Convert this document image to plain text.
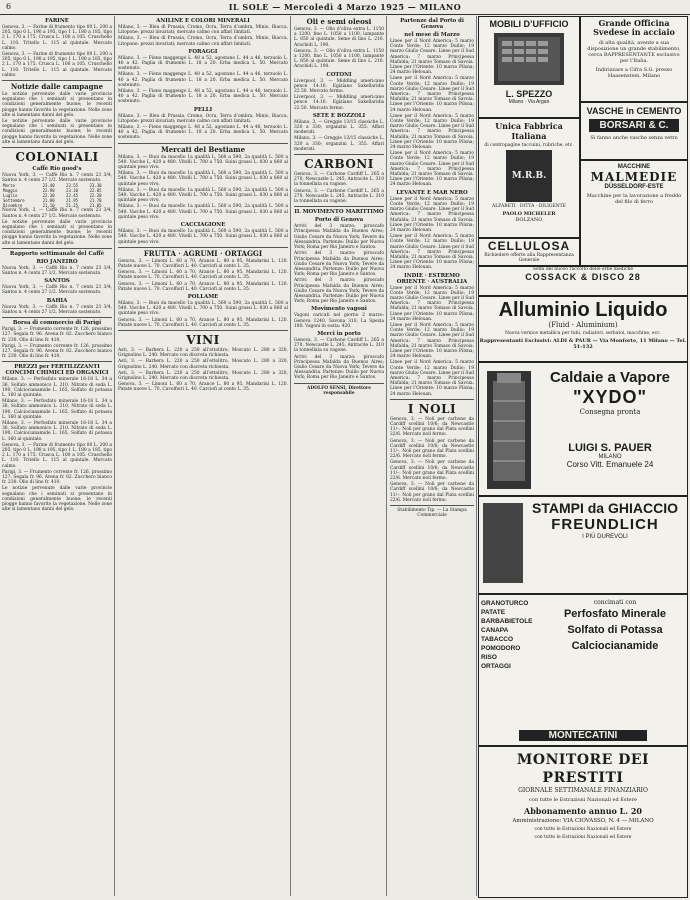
6	IL SOLE — Mercoledì 4 Marzo 1925 — MILANO
FARINE

Genova, 3. — Farine di frumento tipo 00 L. 200 a 205, tipo 0 L. 190 a 195, tipo 1 L. 180 a 185, tipo 2 L. 170 a 175. Crusca L. 100 a 105. Cruschello L. 110. Tritello L. 115 al quintale. Mercato calmo.

Genova, 3. — Farine di frumento tipo 00 L. 200 a 205, tipo 0 L. 190 a 195, tipo 1 L. 180 a 185, tipo 2 L. 170 a 175. Crusca L. 100 a 105. Cruschello L. 110. Tritello L. 115 al quintale. Mercato calmo.

Notizie dalle campagne

Le notizie pervenute dalle varie provincie segnalano che i seminati si presentano in condizioni generalmente buone; le recenti piogge hanno favorito la vegetazione. Nelle zone alte si lamentano danni del gelo.

Le notizie pervenute dalle varie provincie segnalano che i seminati si presentano in condizioni generalmente buone; le recenti piogge hanno favorito la vegetazione. Nelle zone alte si lamentano danni del gelo.

COLONIALI
Caffè Rio good’s

Nuova York, 3. — Caffè Rio n. 7 cents 23 3/4, Santos n. 4 cents 27 1/2. Mercato sostenuto.

Marzo	23.40	23.55	23.30
Maggio	22.90	23.10	22.85
Luglio	22.30	22.45	22.20
Settembre	21.80	21.95	21.70
Dicembre	21.10	21.25	21.05

Nuova York, 3. — Caffè Rio n. 7 cents 23 3/4, Santos n. 4 cents 27 1/2. Mercato sostenuto.

Le notizie pervenute dalle varie provincie segnalano che i seminati si presentano in condizioni generalmente buone; le recenti piogge hanno favorito la vegetazione. Nelle zone alte si lamentano danni del gelo.

Rapporto settimanale del Caffè
RIO JANEIRO

Nuova York, 3. — Caffè Rio n. 7 cents 23 3/4, Santos n. 4 cents 27 1/2. Mercato sostenuto.

SANTOS

Nuova York, 3. — Caffè Rio n. 7 cents 23 3/4, Santos n. 4 cents 27 1/2. Mercato sostenuto.

BAHIA

Nuova York, 3. — Caffè Rio n. 7 cents 23 3/4, Santos n. 4 cents 27 1/2. Mercato sostenuto.

Borsa di commercio di Parigi

Parigi, 3. — Frumento corrente fr. 126, prossimo 127. Segala fr. 96. Avena fr. 82. Zucchero bianco fr. 230. Olio di lino fr. 410.

Parigi, 3. — Frumento corrente fr. 126, prossimo 127. Segala fr. 96. Avena fr. 82. Zucchero bianco fr. 230. Olio di lino fr. 410.

PREZZI per FERTILIZZANTI CONCIMI CHIMICI ED ORGANICI

Milano, 3. — Perfosfato minerale 16-18 L. 34 a 36, Solfato ammonico L. 210, Nitrato di soda L. 190, Calciocianamide L. 165, Solfato di potassa L. 160 al quintale.

Milano, 3. — Perfosfato minerale 16-18 L. 34 a 36, Solfato ammonico L. 210, Nitrato di soda L. 190, Calciocianamide L. 165, Solfato di potassa L. 160 al quintale.

Milano, 3. — Perfosfato minerale 16-18 L. 34 a 36, Solfato ammonico L. 210, Nitrato di soda L. 190, Calciocianamide L. 165, Solfato di potassa L. 160 al quintale.

Genova, 3. — Farine di frumento tipo 00 L. 200 a 205, tipo 0 L. 190 a 195, tipo 1 L. 180 a 185, tipo 2 L. 170 a 175. Crusca L. 100 a 105. Cruschello L. 110. Tritello L. 115 al quintale. Mercato calmo.

Parigi, 3. — Frumento corrente fr. 126, prossimo 127. Segala fr. 96. Avena fr. 82. Zucchero bianco fr. 230. Olio di lino fr. 410.

Le notizie pervenute dalle varie provincie segnalano che i seminati si presentano in condizioni generalmente buone; le recenti piogge hanno favorito la vegetazione. Nelle zone alte si lamentano danni del gelo.

ANILINE E COLORI MINERALI

Milano, 3. — Bleu di Prussia, Cromo, Ocra, Terra d’ombra, Minio, Biacca, Litopone: prezzi invariati; mercato calmo con affari limitati.

Milano, 3. — Bleu di Prussia, Cromo, Ocra, Terra d’ombra, Minio, Biacca, Litopone: prezzi invariati; mercato calmo con affari limitati.

FORAGGI

Milano, 3. — Fieno maggengo L. 48 a 52, agostano L. 44 a 46, terzuolo L. 40 a 42. Paglia di frumento L. 18 a 20. Erba medica L. 50. Mercato sostenuto.

Milano, 3. — Fieno maggengo L. 48 a 52, agostano L. 44 a 46, terzuolo L. 40 a 42. Paglia di frumento L. 18 a 20. Erba medica L. 50. Mercato sostenuto.

Milano, 3. — Fieno maggengo L. 48 a 52, agostano L. 44 a 46, terzuolo L. 40 a 42. Paglia di frumento L. 18 a 20. Erba medica L. 50. Mercato sostenuto.

PELLI

Milano, 3. — Bleu di Prussia, Cromo, Ocra, Terra d’ombra, Minio, Biacca, Litopone: prezzi invariati; mercato calmo con affari limitati.

Milano, 3. — Fieno maggengo L. 48 a 52, agostano L. 44 a 46, terzuolo L. 40 a 42. Paglia di frumento L. 18 a 20. Erba medica L. 50. Mercato sostenuto.

Mercati del Bestiame

Milano, 3. — Buoi da macello 1a qualità L. 560 a 590, 2a qualità L. 500 a 540. Vacche L. 420 a 480. Vitelli L. 700 a 750. Suini grassi L. 830 a 860 al quintale peso vivo.

Milano, 3. — Buoi da macello 1a qualità L. 560 a 590, 2a qualità L. 500 a 540. Vacche L. 420 a 480. Vitelli L. 700 a 750. Suini grassi L. 830 a 860 al quintale peso vivo.

Milano, 3. — Buoi da macello 1a qualità L. 560 a 590, 2a qualità L. 500 a 540. Vacche L. 420 a 480. Vitelli L. 700 a 750. Suini grassi L. 830 a 860 al quintale peso vivo.

Milano, 3. — Buoi da macello 1a qualità L. 560 a 590, 2a qualità L. 500 a 540. Vacche L. 420 a 480. Vitelli L. 700 a 750. Suini grassi L. 830 a 860 al quintale peso vivo.

CACCIAGIONE

Milano, 3. — Buoi da macello 1a qualità L. 560 a 590, 2a qualità L. 500 a 540. Vacche L. 420 a 480. Vitelli L. 700 a 750. Suini grassi L. 830 a 860 al quintale peso vivo.

FRUTTA · AGRUMI · ORTAGGI

Genova, 3. — Limoni L. 60 a 70, Arance L. 80 a 95, Mandarini L. 120. Patate nuove L. 70. Cavolfiori L. 40. Carciofi al cento L. 35.

Genova, 3. — Limoni L. 60 a 70, Arance L. 80 a 95, Mandarini L. 120. Patate nuove L. 70. Cavolfiori L. 40. Carciofi al cento L. 35.

Genova, 3. — Limoni L. 60 a 70, Arance L. 80 a 95, Mandarini L. 120. Patate nuove L. 70. Cavolfiori L. 40. Carciofi al cento L. 35.

POLLAME

Milano, 3. — Buoi da macello 1a qualità L. 560 a 590, 2a qualità L. 500 a 540. Vacche L. 420 a 480. Vitelli L. 700 a 750. Suini grassi L. 830 a 860 al quintale peso vivo.

Genova, 3. — Limoni L. 60 a 70, Arance L. 80 a 95, Mandarini L. 120. Patate nuove L. 70. Cavolfiori L. 40. Carciofi al cento L. 35.

VINI

Asti, 3. — Barbera L. 220 a 250 all’ettolitro, Moscato L. 280 a 320, Grignolino L. 240. Mercato con discreta richiesta.

Asti, 3. — Barbera L. 220 a 250 all’ettolitro, Moscato L. 280 a 320, Grignolino L. 240. Mercato con discreta richiesta.

Asti, 3. — Barbera L. 220 a 250 all’ettolitro, Moscato L. 280 a 320, Grignolino L. 240. Mercato con discreta richiesta.

Genova, 3. — Limoni L. 60 a 70, Arance L. 80 a 95, Mandarini L. 120. Patate nuove L. 70. Cavolfiori L. 40. Carciofi al cento L. 35.

Oli e semi oleosi

Genova, 3. — Olio d’oliva extra L. 1150 a 1200, fino L. 1050 a 1100, lampante L. 850 al quintale. Seme di lino L. 210. Arachidi L. 190.

Genova, 3. — Olio d’oliva extra L. 1150 a 1200, fino L. 1050 a 1100, lampante L. 850 al quintale. Seme di lino L. 210. Arachidi L. 190.

COTONI

Liverpool, 3. — Middling americano pence 14.10. Egiziano Sakellaridis 22.50. Mercato fermo.

Liverpool, 3. — Middling americano pence 14.10. Egiziano Sakellaridis 22.50. Mercato fermo.

SETE E BOZZOLI

Milano, 3. — Greggie 13/15 classiche L. 320 a 330; organzini L. 355. Affari moderati.

Milano, 3. — Greggie 13/15 classiche L. 320 a 330; organzini L. 355. Affari moderati.

CARBONI

Genova, 3. — Carbone Cardiff L. 265 a 270, Newcastle L. 245, Antracite L. 310 la tonnellata su vagone.

Genova, 3. — Carbone Cardiff L. 265 a 270, Newcastle L. 245, Antracite L. 310 la tonnellata su vagone.

IL MOVIMENTO MARITTIMO
Porto di Genova

Arrivi del 3 marzo: piroscafo Principessa Mafalda da Buenos Aires; Giulio Cesare da Nuova York; Tevere da Alessandria. Partenze: Duilio per Nuova York; Roma per Rio Janeiro e Santos.

Arrivi del 3 marzo: piroscafo Principessa Mafalda da Buenos Aires; Giulio Cesare da Nuova York; Tevere da Alessandria. Partenze: Duilio per Nuova York; Roma per Rio Janeiro e Santos.

Arrivi del 3 marzo: piroscafo Principessa Mafalda da Buenos Aires; Giulio Cesare da Nuova York; Tevere da Alessandria. Partenze: Duilio per Nuova York; Roma per Rio Janeiro e Santos.

Movimento vagoni

Vagoni caricati nel giorno 2 marzo: Genova 1240, Savona 310, La Spezia 180. Vagoni in sosta: 420.

Merci in porto

Genova, 3. — Carbone Cardiff L. 265 a 270, Newcastle L. 245, Antracite L. 310 la tonnellata su vagone.

Arrivi del 3 marzo: piroscafo Principessa Mafalda da Buenos Aires; Giulio Cesare da Nuova York; Tevere da Alessandria. Partenze: Duilio per Nuova York; Roma per Rio Janeiro e Santos.

ADOLFO SENSI, Direttore responsabile

Partenze dal Porto di Genova
nel mese di Marzo

Linee per il Nord America: 5 marzo Conte Verde; 12 marzo Duilio; 19 marzo Giulio Cesare. Linee per il Sud America: 7 marzo Principessa Mafalda; 21 marzo Tomaso di Savoia. Linee per l’Oriente: 10 marzo Pilsna; 24 marzo Helouan.

Linee per il Nord America: 5 marzo Conte Verde; 12 marzo Duilio; 19 marzo Giulio Cesare. Linee per il Sud America: 7 marzo Principessa Mafalda; 21 marzo Tomaso di Savoia. Linee per l’Oriente: 10 marzo Pilsna; 24 marzo Helouan.

Linee per il Nord America: 5 marzo Conte Verde; 12 marzo Duilio; 19 marzo Giulio Cesare. Linee per il Sud America: 7 marzo Principessa Mafalda; 21 marzo Tomaso di Savoia. Linee per l’Oriente: 10 marzo Pilsna; 24 marzo Helouan.

Linee per il Nord America: 5 marzo Conte Verde; 12 marzo Duilio; 19 marzo Giulio Cesare. Linee per il Sud America: 7 marzo Principessa Mafalda; 21 marzo Tomaso di Savoia. Linee per l’Oriente: 10 marzo Pilsna; 24 marzo Helouan.

LEVANTE E MAR NERO

Linee per il Nord America: 5 marzo Conte Verde; 12 marzo Duilio; 19 marzo Giulio Cesare. Linee per il Sud America: 7 marzo Principessa Mafalda; 21 marzo Tomaso di Savoia. Linee per l’Oriente: 10 marzo Pilsna; 24 marzo Helouan.

Linee per il Nord America: 5 marzo Conte Verde; 12 marzo Duilio; 19 marzo Giulio Cesare. Linee per il Sud America: 7 marzo Principessa Mafalda; 21 marzo Tomaso di Savoia. Linee per l’Oriente: 10 marzo Pilsna; 24 marzo Helouan.

INDIE · ESTREMO ORIENTE · AUSTRALIA

Linee per il Nord America: 5 marzo Conte Verde; 12 marzo Duilio; 19 marzo Giulio Cesare. Linee per il Sud America: 7 marzo Principessa Mafalda; 21 marzo Tomaso di Savoia. Linee per l’Oriente: 10 marzo Pilsna; 24 marzo Helouan.

Linee per il Nord America: 5 marzo Conte Verde; 12 marzo Duilio; 19 marzo Giulio Cesare. Linee per il Sud America: 7 marzo Principessa Mafalda; 21 marzo Tomaso di Savoia. Linee per l’Oriente: 10 marzo Pilsna; 24 marzo Helouan.

Linee per il Nord America: 5 marzo Conte Verde; 12 marzo Duilio; 19 marzo Giulio Cesare. Linee per il Sud America: 7 marzo Principessa Mafalda; 21 marzo Tomaso di Savoia. Linee per l’Oriente: 10 marzo Pilsna; 24 marzo Helouan.

I NOLI

Genova, 3. — Noli per carbone da Cardiff scellini 10/6; da Newcastle 11/–. Noli per grano dal Plata scellini 22/6. Mercato noli fermo.

Genova, 3. — Noli per carbone da Cardiff scellini 10/6; da Newcastle 11/–. Noli per grano dal Plata scellini 22/6. Mercato noli fermo.

Genova, 3. — Noli per carbone da Cardiff scellini 10/6; da Newcastle 11/–. Noli per grano dal Plata scellini 22/6. Mercato noli fermo.

Genova, 3. — Noli per carbone da Cardiff scellini 10/6; da Newcastle 11/–. Noli per grano dal Plata scellini 22/6. Mercato noli fermo.

Stabilimento Tip. — La Stampa Commerciale

MOBILI D’UFFICIO
L. SPEZZO
Milano · Via Argan
Grande Officina Svedese in acciaio

di alta qualità, avente a sua disposizione un grande stabilimento, cerca RAPPRESENTANTE esclusivo per l’Italia.

Indirizzare a Cifra S.G. presso Haasenstein, Milano

Unica Fabbrica Italiana

di contropagine taccuini, rubriche, etc.

M.R.B.
ALFABETI · DITTA · DILIGENTE
PAOLO MICHELER
BOLZANO
VASCHE in CEMENTO
BORSARI & C.
Si fanno anche vasche senza vetro
MACCHINE
MALMEDIE
DÜSSELDORF-ESTE

Macchine per la lavorazione a freddo del filo di ferro

CELLULOSA
Richiedere offerte alla Rappresentanza Generale
Semi del nuovo raccolto delle erbe mediche
COSSACK & DISCO 28
Alluminio Liquido
(Fluid - Aluminium)

Nuova vernice metallica per tubi, radiatori, serbatoi, macchine, ecc.

Rappresentanti Esclusivi: ALDI & PAUR — Via Monforte, 11 Milano — Tel. 51-132
Caldaie a Vapore
"XYDO"
Consegna pronta
LUIGI S. PAUER
MILANO
Corso Vitt. Emanuele 24
STAMPI da GHIACCIO
FREUNDLICH
I PIÙ DUREVOLI
GRANOTURCO
PATATE
BARBABIETOLE
CANAPA
TABACCO
POMODORO
RISO
ORTAGGI
concimati con
Perfosfato Minerale
Solfato di Potassa
Calciocianamide
MONTECATINI
MONITORE DEI PRESTITI
GIORNALE SETTIMANALE FINANZIARIO

con tutte le Estrazioni Nazionali ed Estere

Abbonamento annuo L. 20
Amministrazione: VIA CIOVASSO, N. 4 — MILANO

con tutte le Estrazioni Nazionali ed Estere

con tutte le Estrazioni Nazionali ed Estere
